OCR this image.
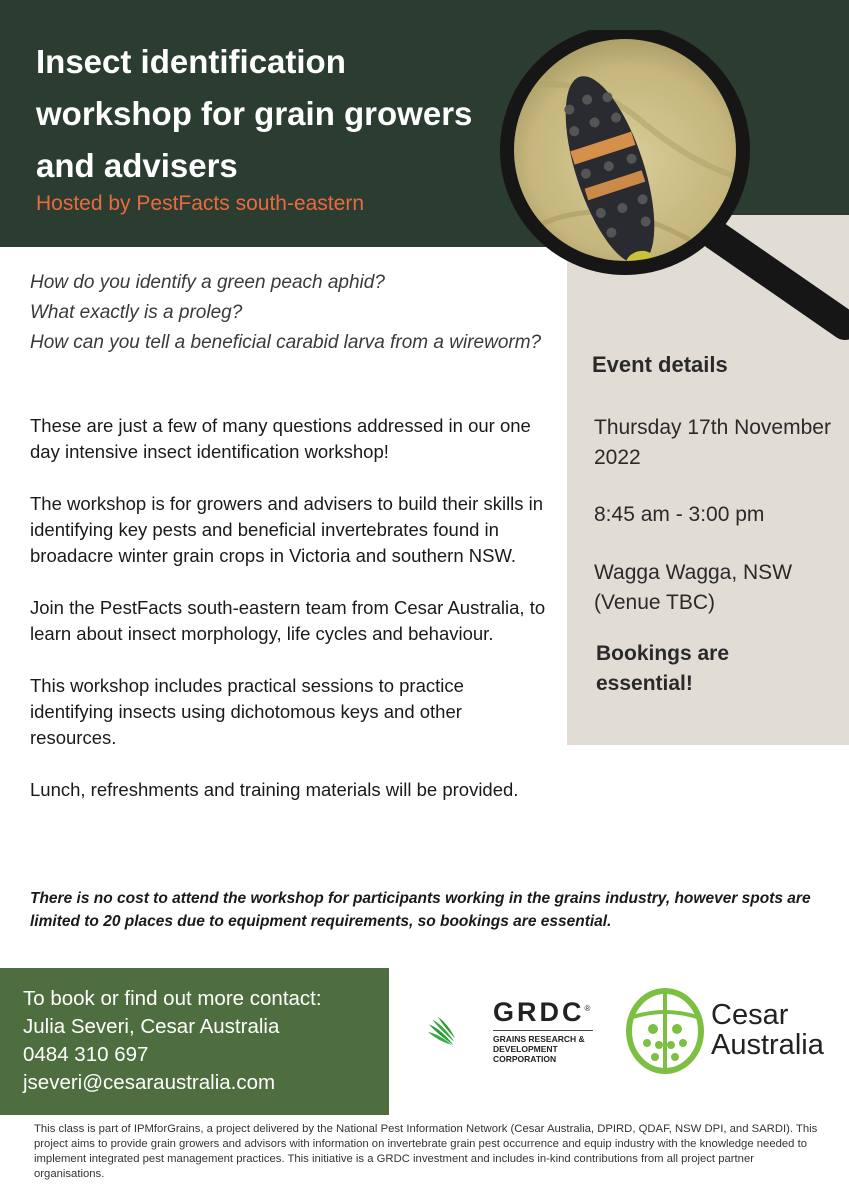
Insect identification workshop for grain growers and advisers
Hosted by PestFacts south-eastern

How do you identify a green peach aphid?

What exactly is a proleg?

How can you tell a beneficial carabid larva from a wireworm?

These are just a few of many questions addressed in our one day intensive insect identification workshop!

The workshop is for growers and advisers to build their skills in identifying key pests and beneficial invertebrates found in broadacre winter grain crops in Victoria and southern NSW.

Join the PestFacts south-eastern team from Cesar Australia, to learn about insect morphology, life cycles and behaviour.

This workshop includes practical sessions to practice identifying insects using dichotomous keys and other resources.

Lunch, refreshments and training materials will be provided.

Event details
Thursday 17th November 2022
8:45 am - 3:00 pm
Wagga Wagga, NSW (Venue TBC)
Bookings are essential!
There is no cost to attend the workshop for participants working in the grains industry, however spots are limited to 20 places due to equipment requirements, so bookings are essential.
To book or find out more contact:
Julia Severi, Cesar Australia
0484 310 697
jseveri@cesaraustralia.com
GRDC®
GRAINS RESEARCH & DEVELOPMENT CORPORATION
Cesar
Australia
This class is part of IPMforGrains, a project delivered by the National Pest Information Network (Cesar Australia, DPIRD, QDAF, NSW DPI, and SARDI). This project aims to provide grain growers and advisors with information on invertebrate grain pest occurrence and equip industry with the knowledge needed to implement integrated pest management practices. This initiative is a GRDC investment and includes in-kind contributions from all project partner organisations.
